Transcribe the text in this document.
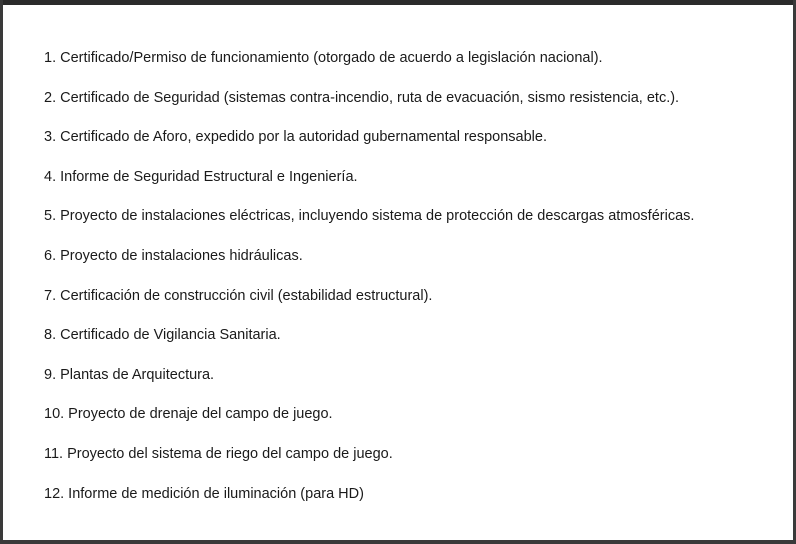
1. Certificado/Permiso de funcionamiento (otorgado de acuerdo a legislación nacional).
2. Certificado de Seguridad (sistemas contra-incendio, ruta de evacuación, sismo resistencia, etc.).
3. Certificado de Aforo, expedido por la autoridad gubernamental responsable.
4. Informe de Seguridad Estructural e Ingeniería.
5. Proyecto de instalaciones eléctricas, incluyendo sistema de protección de descargas atmosféricas.
6. Proyecto de instalaciones hidráulicas.
7. Certificación de construcción civil (estabilidad estructural).
8. Certificado de Vigilancia Sanitaria.
9. Plantas de Arquitectura.
10. Proyecto de drenaje del campo de juego.
11. Proyecto del sistema de riego del campo de juego.
12. Informe de medición de iluminación (para HD)
